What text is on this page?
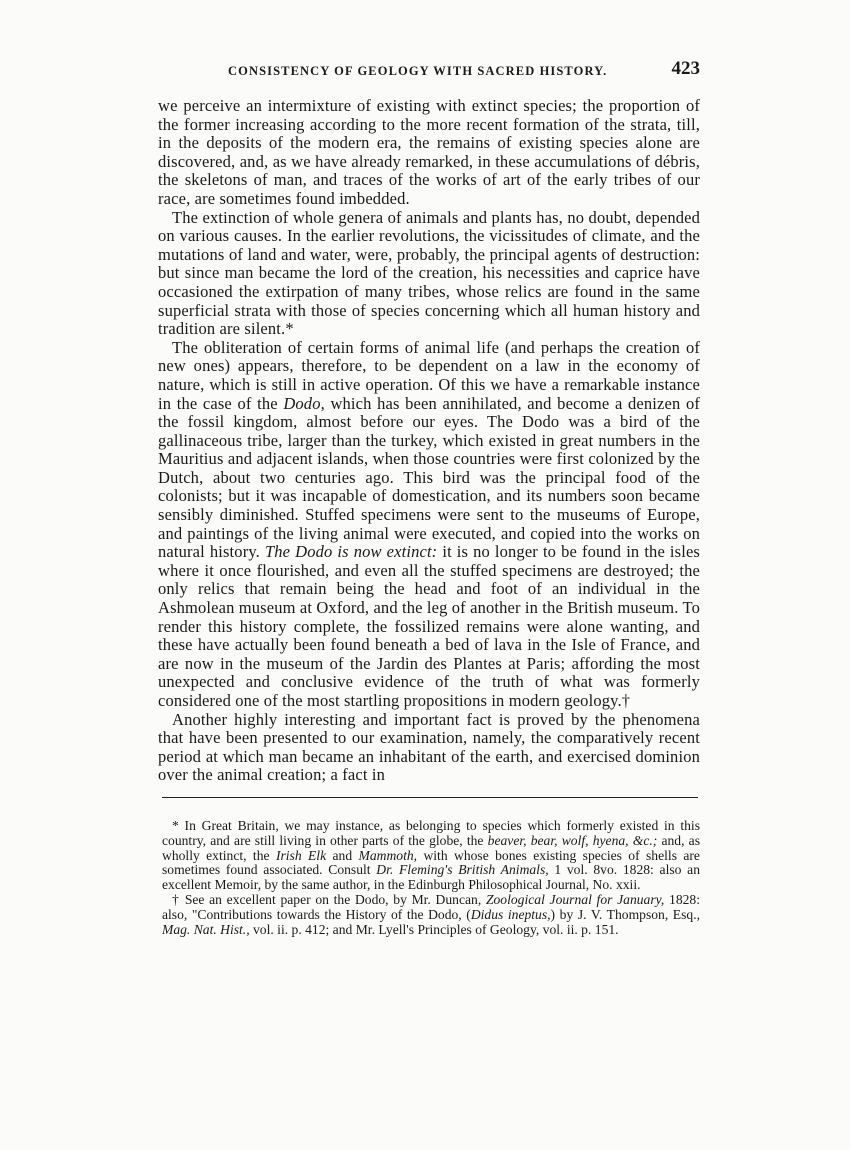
CONSISTENCY OF GEOLOGY WITH SACRED HISTORY.	423

we perceive an intermixture of existing with extinct species; the proportion of the former increasing according to the more recent formation of the strata, till, in the deposits of the modern era, the remains of existing species alone are discovered, and, as we have already remarked, in these accumulations of débris, the skeletons of man, and traces of the works of art of the early tribes of our race, are sometimes found imbedded.

The extinction of whole genera of animals and plants has, no doubt, depended on various causes. In the earlier revolutions, the vicissitudes of climate, and the mutations of land and water, were, probably, the principal agents of destruction: but since man became the lord of the creation, his necessities and caprice have occasioned the extirpation of many tribes, whose relics are found in the same superficial strata with those of species concerning which all human history and tradition are silent.*

The obliteration of certain forms of animal life (and perhaps the creation of new ones) appears, therefore, to be dependent on a law in the economy of nature, which is still in active operation. Of this we have a remarkable instance in the case of the Dodo, which has been annihilated, and become a denizen of the fossil kingdom, almost before our eyes. The Dodo was a bird of the gallinaceous tribe, larger than the turkey, which existed in great numbers in the Mauritius and adjacent islands, when those countries were first colonized by the Dutch, about two centuries ago. This bird was the principal food of the colonists; but it was incapable of domestication, and its numbers soon became sensibly diminished. Stuffed specimens were sent to the museums of Europe, and paintings of the living animal were executed, and copied into the works on natural history. The Dodo is now extinct: it is no longer to be found in the isles where it once flourished, and even all the stuffed specimens are destroyed; the only relics that remain being the head and foot of an individual in the Ashmolean museum at Oxford, and the leg of another in the British museum. To render this history complete, the fossilized remains were alone wanting, and these have actually been found beneath a bed of lava in the Isle of France, and are now in the museum of the Jardin des Plantes at Paris; affording the most unexpected and conclusive evidence of the truth of what was formerly considered one of the most startling propositions in modern geology.†

Another highly interesting and important fact is proved by the phenomena that have been presented to our examination, namely, the comparatively recent period at which man became an inhabitant of the earth, and exercised dominion over the animal creation; a fact in

* In Great Britain, we may instance, as belonging to species which formerly existed in this country, and are still living in other parts of the globe, the beaver, bear, wolf, hyena, &c.; and, as wholly extinct, the Irish Elk and Mammoth, with whose bones existing species of shells are sometimes found associated. Consult Dr. Fleming's British Animals, 1 vol. 8vo. 1828: also an excellent Memoir, by the same author, in the Edinburgh Philosophical Journal, No. xxii.

† See an excellent paper on the Dodo, by Mr. Duncan, Zoological Journal for January, 1828: also, "Contributions towards the History of the Dodo, (Didus ineptus,) by J. V. Thompson, Esq., Mag. Nat. Hist., vol. ii. p. 412; and Mr. Lyell's Principles of Geology, vol. ii. p. 151.
